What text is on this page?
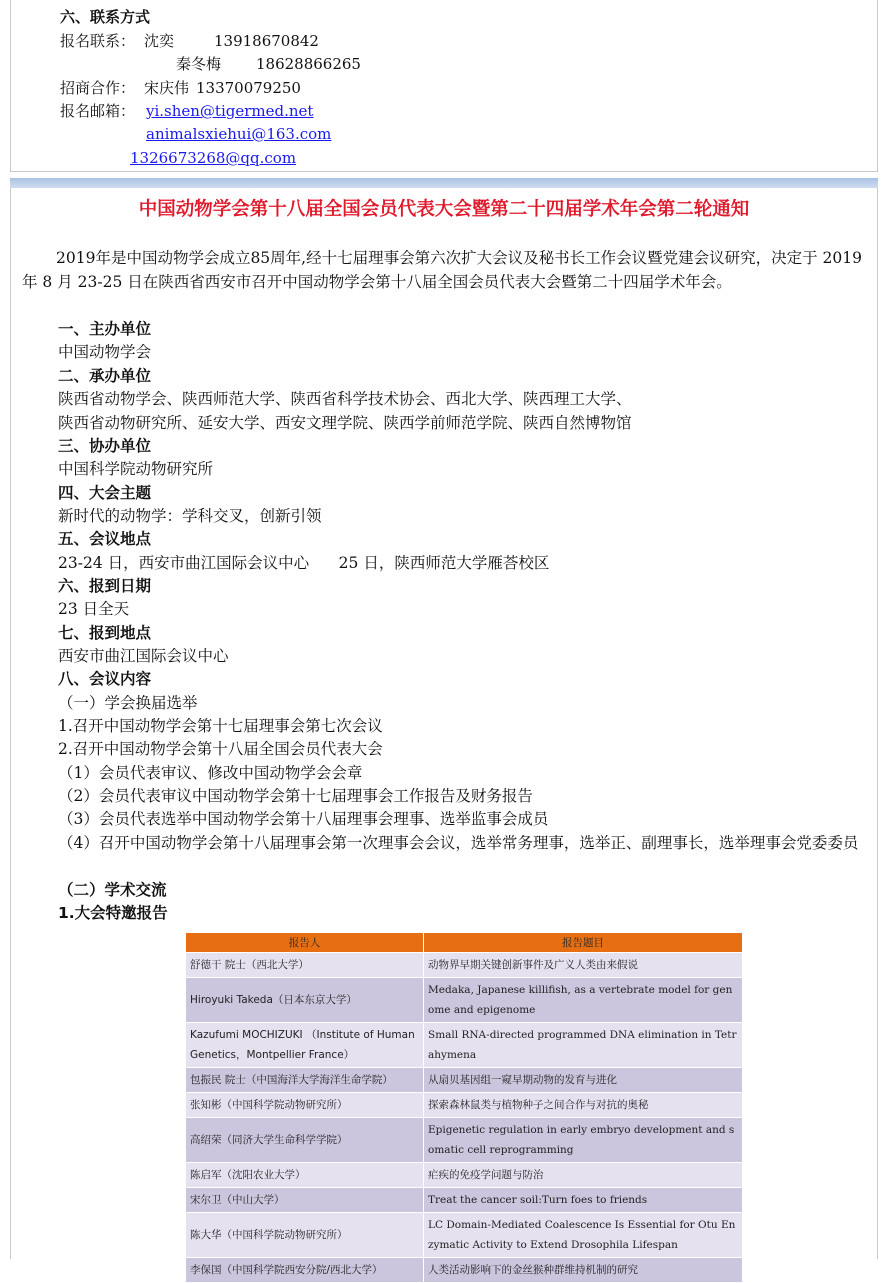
六、联系方式
报名联系： 沈奕	13918670842
秦冬梅 18628866265
招商合作： 宋庆伟 13370079250
报名邮箱： yi.shen@tigermed.net
animalsxiehui@163.com
1326673268@qq.com
中国动物学会第十八届全国会员代表大会暨第二十四届学术年会第二轮通知

2019年是中国动物学会成立85周年,经十七届理事会第六次扩大会议及秘书长工作会议暨党建会议研究，决定于 2019 年 8 月 23-25 日在陕西省西安市召开中国动物学会第十八届全国会员代表大会暨第二十四届学术年会。

一、主办单位
中国动物学会
二、承办单位
陕西省动物学会、陕西师范大学、陕西省科学技术协会、西北大学、陕西理工大学、
陕西省动物研究所、延安大学、西安文理学院、陕西学前师范学院、陕西自然博物馆
三、协办单位
中国科学院动物研究所
四、大会主题
新时代的动物学：学科交叉，创新引领
五、会议地点
23-24 日，西安市曲江国际会议中心      25 日，陕西师范大学雁荅校区
六、报到日期
23 日全天
七、报到地点
西安市曲江国际会议中心
八、会议内容
（一）学会换届选举
1.召开中国动物学会第十七届理事会第七次会议
2.召开中国动物学会第十八届全国会员代表大会
（1）会员代表审议、修改中国动物学会会章
（2）会员代表审议中国动物学会第十七届理事会工作报告及财务报告
（3）会员代表选举中国动物学会第十八届理事会理事、选举监事会成员
（4）召开中国动物学会第十八届理事会第一次理事会会议，选举常务理事，选举正、副理事长，选举理事会党委委员
（二）学术交流
1.大会特邀报告
报告人	报告题目
舒德干 院士（西北大学）	动物界早期关键创新事件及广义人类由来假说
Hiroyuki Takeda（日本东京大学）	Medaka, Japanese killifish, as a vertebrate model for genome and epigenome
Kazufumi MOCHIZUKI （Institute of Human Genetics，Montpellier France）	Small RNA-directed programmed DNA elimination in Tetrahymena
包振民 院士（中国海洋大学海洋生命学院）	从扇贝基因组一窥早期动物的发育与进化
张知彬（中国科学院动物研究所）	探索森林鼠类与植物种子之间合作与对抗的奥秘
高绍荣（同济大学生命科学学院）	Epigenetic regulation in early embryo development and somatic cell reprogramming
陈启军（沈阳农业大学）	疟疾的免疫学问题与防治
宋尔卫（中山大学）	Treat the cancer soil:Turn foes to friends
陈大华（中国科学院动物研究所）	LC Domain-Mediated Coalescence Is Essential for Otu Enzymatic Activity to Extend Drosophila Lifespan
李保国（中国科学院西安分院/西北大学）	人类活动影响下的金丝猴种群维持机制的研究
